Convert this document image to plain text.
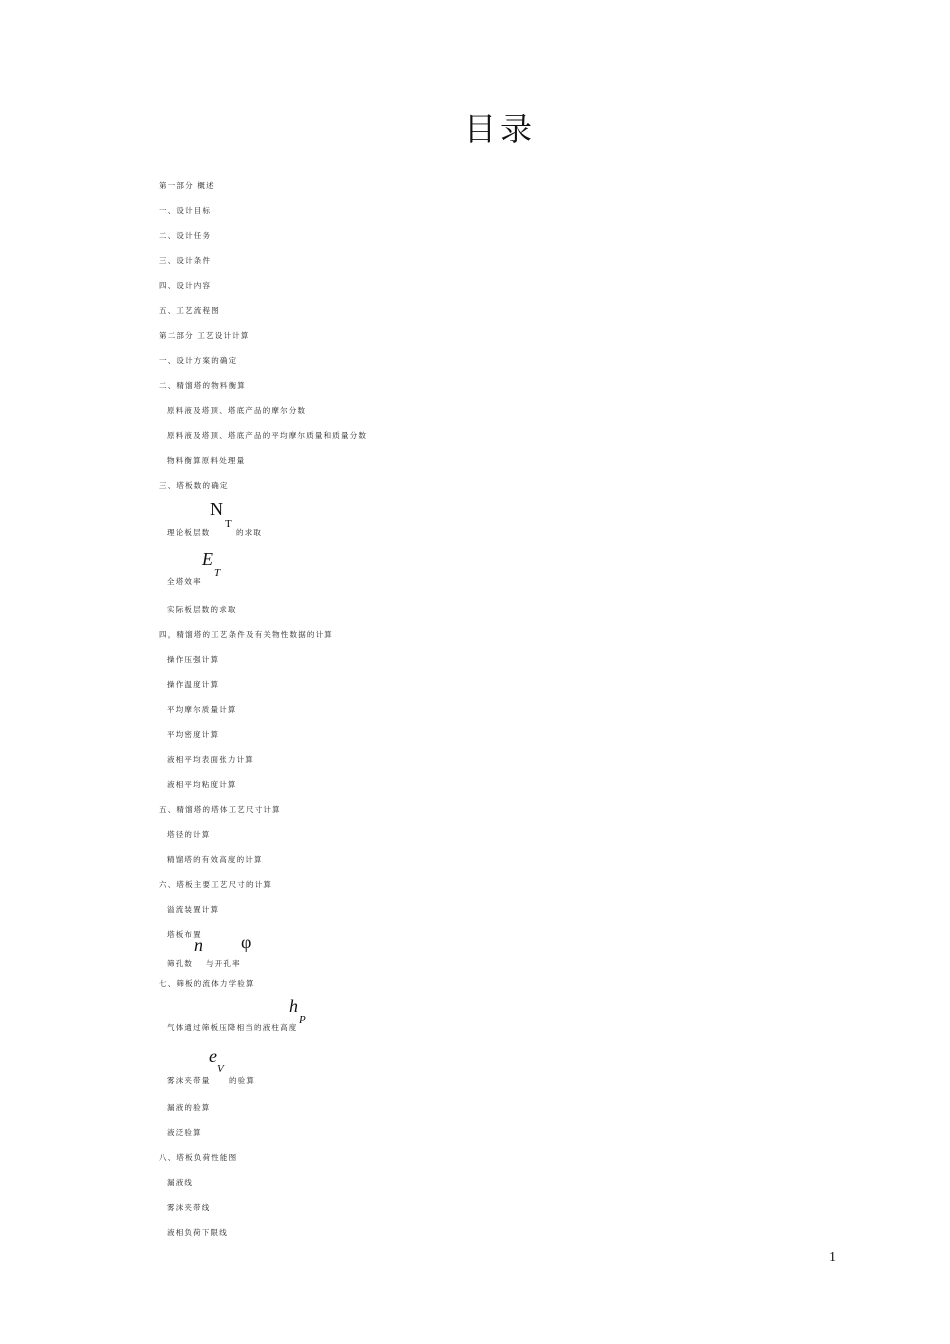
目录
第一部分 概述
一、设计目标
二、设计任务
三、设计条件
四、设计内容
五、工艺流程图
第二部分 工艺设计计算
一、设计方案的确定
二、精馏塔的物料衡算
原料液及塔顶、塔底产品的摩尔分数
原料液及塔顶、塔底产品的平均摩尔质量和质量分数
物料衡算原料处理量
三、塔板数的确定
理论板层数
N
T
的求取
全塔效率
E
T
实际板层数的求取
四，精馏塔的工艺条件及有关物性数据的计算
操作压强计算
操作温度计算
平均摩尔质量计算
平均密度计算
液相平均表面张力计算
液相平均粘度计算
五、精馏塔的塔体工艺尺寸计算
塔径的计算
精馏塔的有效高度的计算
六、塔板主要工艺尺寸的计算
溢流装置计算
塔板布置
n φ
筛孔数 与开孔率
七、筛板的流体力学验算
h
P
气体通过筛板压降相当的液柱高度
e
V
雾沫夹带量 的验算
漏液的验算
液泛验算
八、塔板负荷性能图
漏液线
雾沫夹带线
液相负荷下限线
1
